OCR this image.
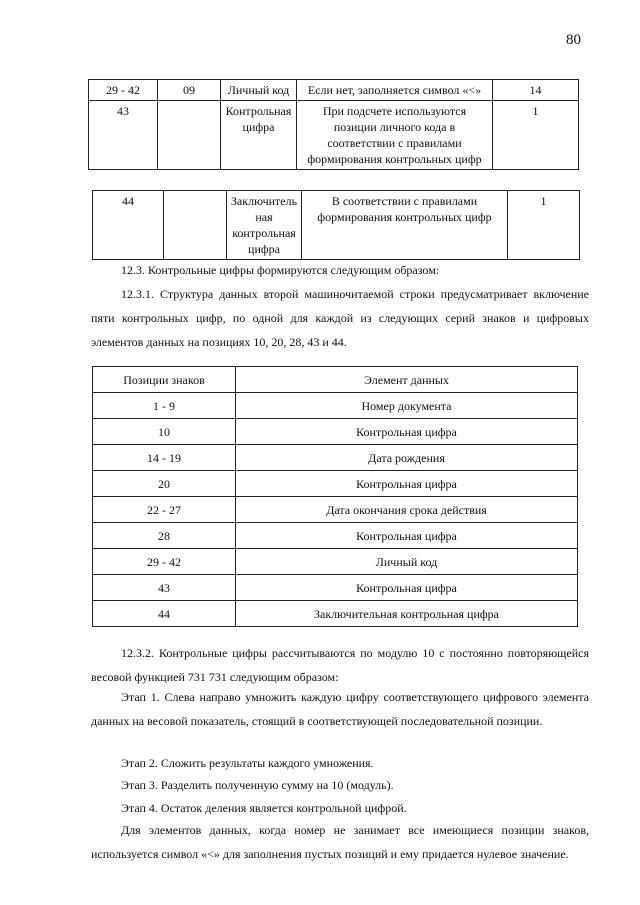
80
29 - 42	09	Личный код	Если нет, заполняется символ «<»	14
43		Контрольная цифра	При подсчете используются позиции личного кода в соответствии с правилами формирования контрольных цифр	1
44		Заключитель ная контрольная цифра	В соответствии с правилами формирования контрольных цифр	1
12.3. Контрольные цифры формируются следующим образом:
12.3.1. Структура данных второй машиночитаемой строки предусматривает включение пяти контрольных цифр, по одной для каждой из следующих серий знаков и цифровых элементов данных на позициях 10, 20, 28, 43 и 44.
Позиции знаков	Элемент данных
1 - 9	Номер документа
10	Контрольная цифра
14 - 19	Дата рождения
20	Контрольная цифра
22 - 27	Дата окончания срока действия
28	Контрольная цифра
29 - 42	Личный код
43	Контрольная цифра
44	Заключительная контрольная цифра
12.3.2. Контрольные цифры рассчитываются по модулю 10 с постоянно повторяющейся весовой функцией 731 731 следующим образом:
Этап 1. Слева направо умножить каждую цифру соответствующего цифрового элемента данных на весовой показатель, стоящий в соответствующей последовательной позиции.
Этап 2. Сложить результаты каждого умножения.
Этап 3. Разделить полученную сумму на 10 (модуль).
Этап 4. Остаток деления является контрольной цифрой.
Для элементов данных, когда номер не занимает все имеющиеся позиции знаков, используется символ «<» для заполнения пустых позиций и ему придается нулевое значение.
